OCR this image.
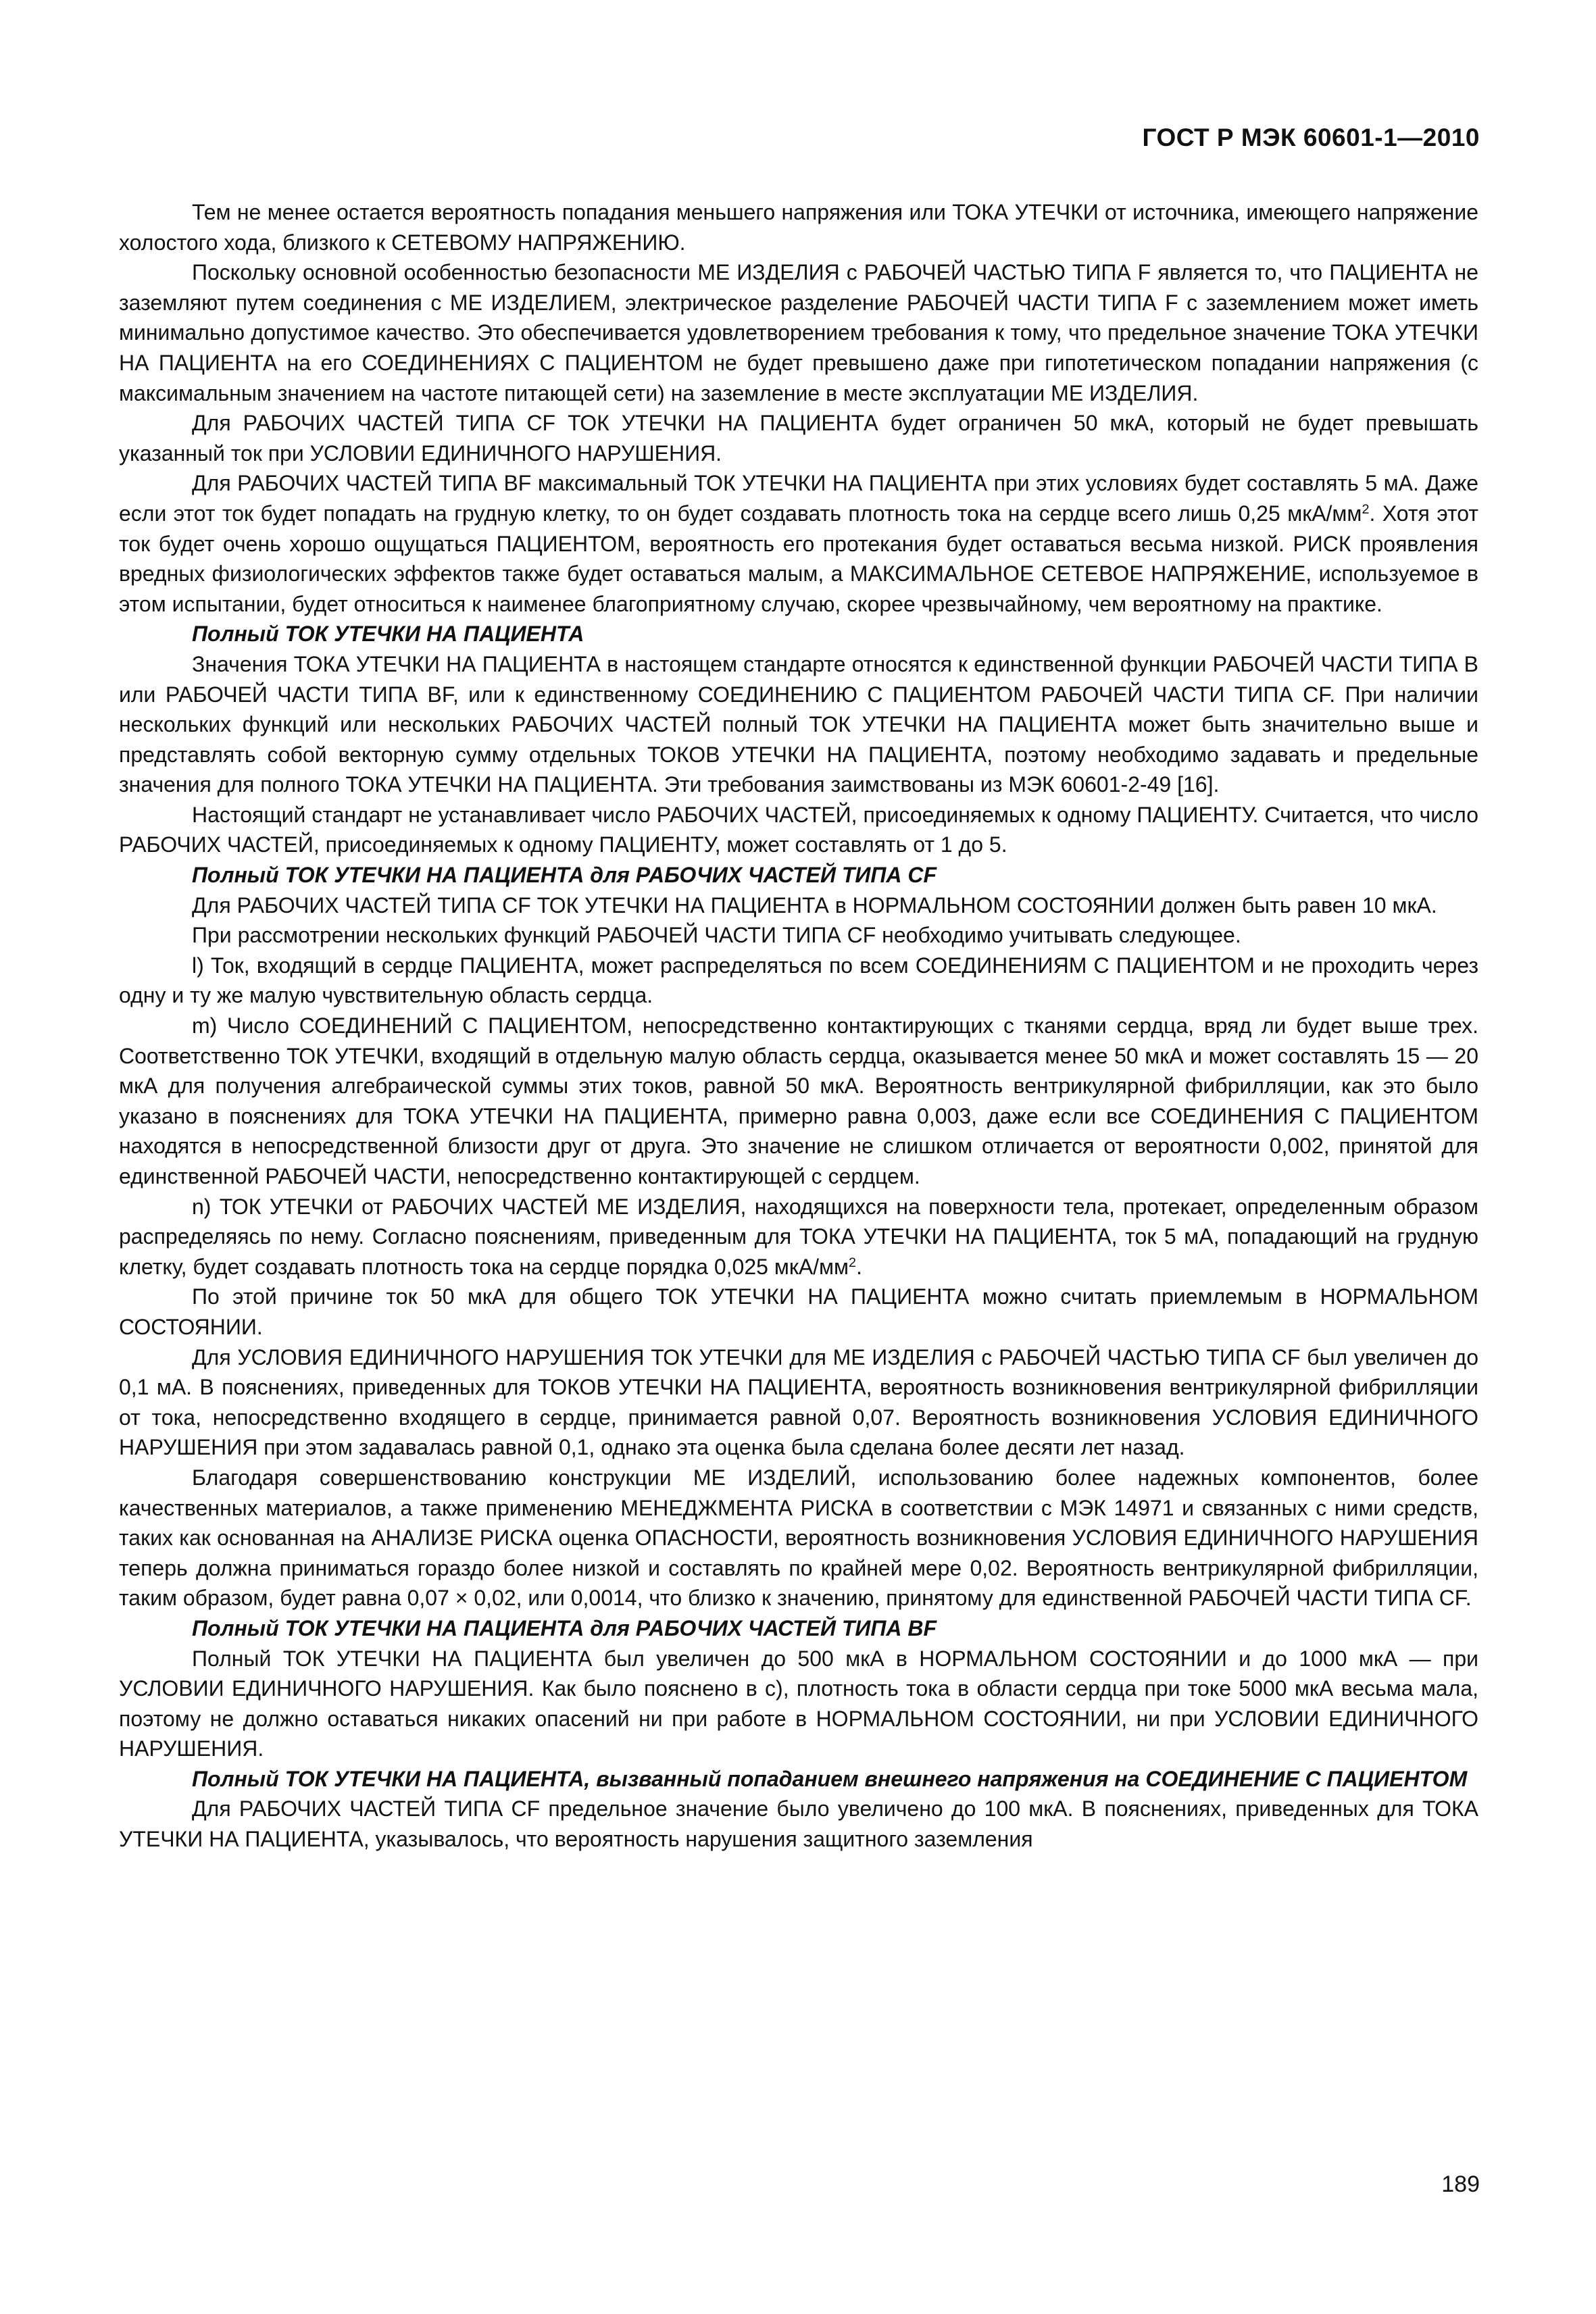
ГОСТ Р МЭК 60601-1—2010

Тем не менее остается вероятность попадания меньшего напряжения или ТОКА УТЕЧКИ от источника, имеющего напряжение холостого хода, близкого к СЕТЕВОМУ НАПРЯЖЕНИЮ.

Поскольку основной особенностью безопасности МЕ ИЗДЕЛИЯ с РАБОЧЕЙ ЧАСТЬЮ ТИПА F является то, что ПАЦИЕНТА не заземляют путем соединения с МЕ ИЗДЕЛИЕМ, электрическое разделение РАБОЧЕЙ ЧАСТИ ТИПА F с заземлением может иметь минимально допустимое качество. Это обеспечивается удовлетворением требования к тому, что предельное значение ТОКА УТЕЧКИ НА ПАЦИЕНТА на его СОЕДИНЕНИЯХ С ПАЦИЕНТОМ не будет превышено даже при гипотетическом попадании напряжения (с максимальным значением на частоте питающей сети) на заземление в месте эксплуатации МЕ ИЗДЕЛИЯ.

Для РАБОЧИХ ЧАСТЕЙ ТИПА CF ТОК УТЕЧКИ НА ПАЦИЕНТА будет ограничен 50 мкА, который не будет превышать указанный ток при УСЛОВИИ ЕДИНИЧНОГО НАРУШЕНИЯ.

Для РАБОЧИХ ЧАСТЕЙ ТИПА BF максимальный ТОК УТЕЧКИ НА ПАЦИЕНТА при этих условиях будет составлять 5 мА. Даже если этот ток будет попадать на грудную клетку, то он будет создавать плотность тока на сердце всего лишь 0,25 мкА/$мм^2$. Хотя этот ток будет очень хорошо ощущаться ПАЦИЕНТОМ, вероятность его протекания будет оставаться весьма низкой. РИСК проявления вредных физиологических эффектов также будет оставаться малым, а МАКСИМАЛЬНОЕ СЕТЕВОЕ НАПРЯЖЕНИЕ, используемое в этом испытании, будет относиться к наименее благоприятному случаю, скорее чрезвычайному, чем вероятному на практике.

Полный ТОК УТЕЧКИ НА ПАЦИЕНТА

Значения ТОКА УТЕЧКИ НА ПАЦИЕНТА в настоящем стандарте относятся к единственной функции РАБОЧЕЙ ЧАСТИ ТИПА В или РАБОЧЕЙ ЧАСТИ ТИПА BF, или к единственному СОЕДИНЕНИЮ С ПАЦИЕНТОМ РАБОЧЕЙ ЧАСТИ ТИПА CF. При наличии нескольких функций или нескольких РАБОЧИХ ЧАСТЕЙ полный ТОК УТЕЧКИ НА ПАЦИЕНТА может быть значительно выше и представлять собой векторную сумму отдельных ТОКОВ УТЕЧКИ НА ПАЦИЕНТА, поэтому необходимо задавать и предельные значения для полного ТОКА УТЕЧКИ НА ПАЦИЕНТА. Эти требования заимствованы из МЭК 60601-2-49 [16].

Настоящий стандарт не устанавливает число РАБОЧИХ ЧАСТЕЙ, присоединяемых к одному ПАЦИЕНТУ. Считается, что число РАБОЧИХ ЧАСТЕЙ, присоединяемых к одному ПАЦИЕНТУ, может составлять от 1 до 5.

Полный ТОК УТЕЧКИ НА ПАЦИЕНТА для РАБОЧИХ ЧАСТЕЙ ТИПА CF

Для РАБОЧИХ ЧАСТЕЙ ТИПА CF ТОК УТЕЧКИ НА ПАЦИЕНТА в НОРМАЛЬНОМ СОСТОЯНИИ должен быть равен 10 мкА.

При рассмотрении нескольких функций РАБОЧЕЙ ЧАСТИ ТИПА CF необходимо учитывать следующее.

l) Ток, входящий в сердце ПАЦИЕНТА, может распределяться по всем СОЕДИНЕНИЯМ С ПАЦИЕНТОМ и не проходить через одну и ту же малую чувствительную область сердца.

m) Число СОЕДИНЕНИЙ С ПАЦИЕНТОМ, непосредственно контактирующих с тканями сердца, вряд ли будет выше трех. Соответственно ТОК УТЕЧКИ, входящий в отдельную малую область сердца, оказывается менее 50 мкА и может составлять 15 — 20 мкА для получения алгебраической суммы этих токов, равной 50 мкА. Вероятность вентрикулярной фибрилляции, как это было указано в пояснениях для ТОКА УТЕЧКИ НА ПАЦИЕНТА, примерно равна 0,003, даже если все СОЕДИНЕНИЯ С ПАЦИЕНТОМ находятся в непосредственной близости друг от друга. Это значение не слишком отличается от вероятности 0,002, принятой для единственной РАБОЧЕЙ ЧАСТИ, непосредственно контактирующей с сердцем.

n) ТОК УТЕЧКИ от РАБОЧИХ ЧАСТЕЙ МЕ ИЗДЕЛИЯ, находящихся на поверхности тела, протекает, определенным образом распределяясь по нему. Согласно пояснениям, приведенным для ТОКА УТЕЧКИ НА ПАЦИЕНТА, ток 5 мА, попадающий на грудную клетку, будет создавать плотность тока на сердце порядка 0,025 мкА/$мм^2$.

По этой причине ток 50 мкА для общего ТОК УТЕЧКИ НА ПАЦИЕНТА можно считать приемлемым в НОРМАЛЬНОМ СОСТОЯНИИ.

Для УСЛОВИЯ ЕДИНИЧНОГО НАРУШЕНИЯ ТОК УТЕЧКИ для МЕ ИЗДЕЛИЯ с РАБОЧЕЙ ЧАСТЬЮ ТИПА CF был увеличен до 0,1 мА. В пояснениях, приведенных для ТОКОВ УТЕЧКИ НА ПАЦИЕНТА, вероятность возникновения вентрикулярной фибрилляции от тока, непосредственно входящего в сердце, принимается равной 0,07. Вероятность возникновения УСЛОВИЯ ЕДИНИЧНОГО НАРУШЕНИЯ при этом задавалась равной 0,1, однако эта оценка была сделана более десяти лет назад.

Благодаря совершенствованию конструкции МЕ ИЗДЕЛИЙ, использованию более надежных компонентов, более качественных материалов, а также применению МЕНЕДЖМЕНТА РИСКА в соответствии с МЭК 14971 и связанных с ними средств, таких как основанная на АНАЛИЗЕ РИСКА оценка ОПАСНОСТИ, вероятность возникновения УСЛОВИЯ ЕДИНИЧНОГО НАРУШЕНИЯ теперь должна приниматься гораздо более низкой и составлять по крайней мере 0,02. Вероятность вентрикулярной фибрилляции, таким образом, будет равна 0,07 × 0,02, или 0,0014, что близко к значению, принятому для единственной РАБОЧЕЙ ЧАСТИ ТИПА CF.

Полный ТОК УТЕЧКИ НА ПАЦИЕНТА для РАБОЧИХ ЧАСТЕЙ ТИПА BF

Полный ТОК УТЕЧКИ НА ПАЦИЕНТА был увеличен до 500 мкА в НОРМАЛЬНОМ СОСТОЯНИИ и до 1000 мкА — при УСЛОВИИ ЕДИНИЧНОГО НАРУШЕНИЯ. Как было пояснено в с), плотность тока в области сердца при токе 5000 мкА весьма мала, поэтому не должно оставаться никаких опасений ни при работе в НОРМАЛЬНОМ СОСТОЯНИИ, ни при УСЛОВИИ ЕДИНИЧНОГО НАРУШЕНИЯ.

Полный ТОК УТЕЧКИ НА ПАЦИЕНТА, вызванный попаданием внешнего напряжения на СОЕДИНЕНИЕ С ПАЦИЕНТОМ

Для РАБОЧИХ ЧАСТЕЙ ТИПА CF предельное значение было увеличено до 100 мкА. В пояснениях, приведенных для ТОКА УТЕЧКИ НА ПАЦИЕНТА, указывалось, что вероятность нарушения защитного заземления

189
